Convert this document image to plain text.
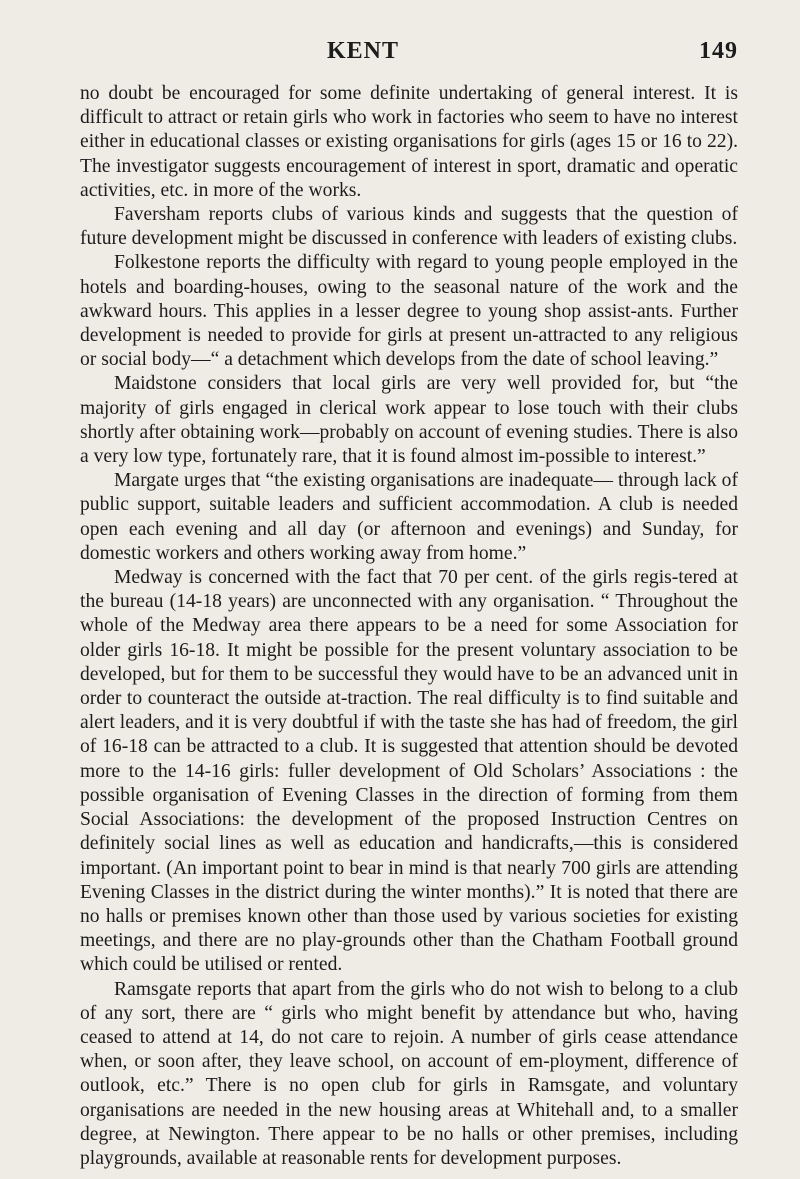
KENT	149

no doubt be encouraged for some definite undertaking of general interest. It is difficult to attract or retain girls who work in factories who seem to have no interest either in educational classes or existing organisations for girls (ages 15 or 16 to 22). The investigator suggests encouragement of interest in sport, dramatic and operatic activities, etc. in more of the works.

Faversham reports clubs of various kinds and suggests that the question of future development might be discussed in conference with leaders of existing clubs.

Folkestone reports the difficulty with regard to young people employed in the hotels and boarding-houses, owing to the seasonal nature of the work and the awkward hours. This applies in a lesser degree to young shop assist-ants. Further development is needed to provide for girls at present un-attracted to any religious or social body—“ a detachment which develops from the date of school leaving.”

Maidstone considers that local girls are very well provided for, but “the majority of girls engaged in clerical work appear to lose touch with their clubs shortly after obtaining work—probably on account of evening studies. There is also a very low type, fortunately rare, that it is found almost im-possible to interest.”

Margate urges that “the existing organisations are inadequate— through lack of public support, suitable leaders and sufficient accommodation. A club is needed open each evening and all day (or afternoon and evenings) and Sunday, for domestic workers and others working away from home.”

Medway is concerned with the fact that 70 per cent. of the girls regis-tered at the bureau (14-18 years) are unconnected with any organisation. “ Throughout the whole of the Medway area there appears to be a need for some Association for older girls 16-18. It might be possible for the present voluntary association to be developed, but for them to be successful they would have to be an advanced unit in order to counteract the outside at-traction. The real difficulty is to find suitable and alert leaders, and it is very doubtful if with the taste she has had of freedom, the girl of 16-18 can be attracted to a club. It is suggested that attention should be devoted more to the 14-16 girls: fuller development of Old Scholars’ Associations : the possible organisation of Evening Classes in the direction of forming from them Social Associations: the development of the proposed Instruction Centres on definitely social lines as well as education and handicrafts,—this is considered important. (An important point to bear in mind is that nearly 700 girls are attending Evening Classes in the district during the winter months).” It is noted that there are no halls or premises known other than those used by various societies for existing meetings, and there are no play-grounds other than the Chatham Football ground which could be utilised or rented.

Ramsgate reports that apart from the girls who do not wish to belong to a club of any sort, there are “ girls who might benefit by attendance but who, having ceased to attend at 14, do not care to rejoin. A number of girls cease attendance when, or soon after, they leave school, on account of em-ployment, difference of outlook, etc.” There is no open club for girls in Ramsgate, and voluntary organisations are needed in the new housing areas at Whitehall and, to a smaller degree, at Newington. There appear to be no halls or other premises, including playgrounds, available at reasonable rents for development purposes.
